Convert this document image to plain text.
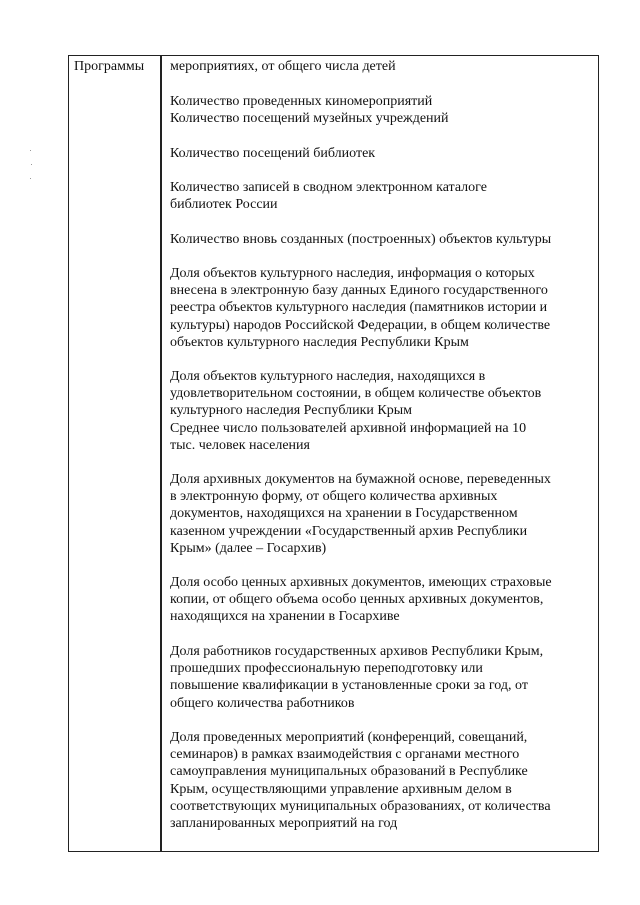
Программы мероприятиях, от общего числа детей

Количество проведенных киномероприятий

Количество посещений музейных учреждений

Количество посещений библиотек

Количество записей в сводном электронном каталоге
библиотек России

Количество вновь созданных (построенных) объектов культуры

Доля объектов культурного наследия, информация о которых
внесена в электронную базу данных Единого государственного
реестра объектов культурного наследия (памятников истории и
культуры) народов Российской Федерации, в общем количестве
объектов культурного наследия Республики Крым

Доля объектов культурного наследия, находящихся в
удовлетворительном состоянии, в общем количестве объектов
культурного наследия Республики Крым

Среднее число пользователей архивной информацией на 10
тыс. человек населения

Доля архивных документов на бумажной основе, переведенных
в электронную форму, от общего количества архивных
документов, находящихся на хранении в Государственном
казенном учреждении «Государственный архив Республики
Крым» (далее – Госархив)

Доля особо ценных архивных документов, имеющих страховые
копии, от общего объема особо ценных архивных документов,
находящихся на хранении в Госархиве

Доля работников государственных архивов Республики Крым,
прошедших профессиональную переподготовку или
повышение квалификации в установленные сроки за год, от
общего количества работников

Доля проведенных мероприятий (конференций, совещаний,
семинаров) в рамках взаимодействия с органами местного
самоуправления муниципальных образований в Республике
Крым, осуществляющими управление архивным делом в
соответствующих муниципальных образованиях, от количества
запланированных мероприятий на год
